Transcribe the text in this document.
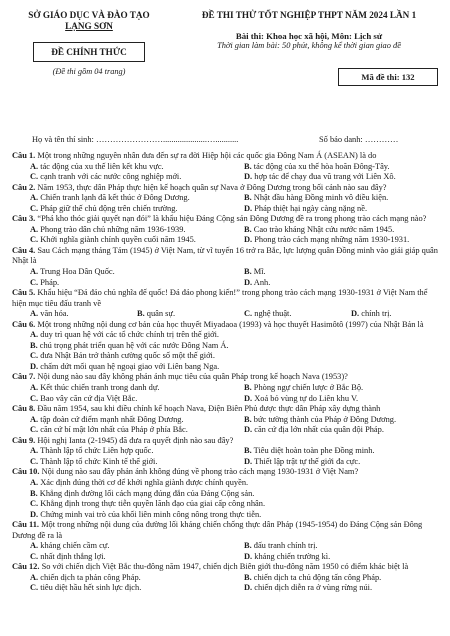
SỞ GIÁO DỤC VÀ ĐÀO TẠO
LẠNG SƠN
ĐỀ CHÍNH THỨC
(Đề thi gồm 04 trang)
ĐỀ THI THỬ TỐT NGHIỆP THPT NĂM 2024 LẦN 1
Bài thi: Khoa học xã hội, Môn: Lịch sử
Thời gian làm bài: 50 phút, không kể thời gian giao đề
Mã đề thi: 132
Họ và tên thí sinh: …………………….....................…...........	Số báo danh: …………
Câu 1. Một trong những nguyên nhân đưa đến sự ra đời Hiệp hội các quốc gia Đông Nam Á (ASEAN) là do
A. tác động của xu thế liên kết khu vực.	B. tác động của xu thế hòa hoãn Đông-Tây.
C. cạnh tranh với các nước công nghiệp mới.	D. hợp tác để chạy đua vũ trang với Liên Xô.
Câu 2. Năm 1953, thực dân Pháp thực hiện kế hoạch quân sự Nava ở Đông Dương trong bối cảnh nào sau đây?
A. Chiến tranh lạnh đã kết thúc ở Đông Dương.	B. Nhật đầu hàng Đồng minh vô điều kiện.
C. Pháp giữ thế chủ động trên chiến trường.	D. Pháp thiệt hại ngày càng nặng nề.
Câu 3. “Phá kho thóc giải quyết nạn đói” là khẩu hiệu Đảng Cộng sản Đông Dương đề ra trong phong trào cách mạng nào?
A. Phong trào dân chủ những năm 1936-1939.	B. Cao trào kháng Nhật cứu nước năm 1945.
C. Khởi nghĩa giành chính quyền cuối năm 1945.	D. Phong trào cách mạng những năm 1930-1931.
Câu 4. Sau Cách mạng tháng Tám (1945) ở Việt Nam, từ vĩ tuyến 16 trở ra Bắc, lực lượng quân Đồng minh vào giải giáp quân Nhật là
A. Trung Hoa Dân Quốc.	B. Mĩ.
C. Pháp.	D. Anh.
Câu 5. Khẩu hiệu “Đả đảo chủ nghĩa đế quốc! Đả đảo phong kiến!” trong phong trào cách mạng 1930-1931 ở Việt Nam thể hiện mục tiêu đấu tranh về
A. văn hóa.	B. quân sự.	C. nghệ thuật.	D. chính trị.
Câu 6. Một trong những nội dung cơ bản của học thuyết Miyadaoa (1993) và học thuyết Hasimôtô (1997) của Nhật Bản là
A. duy trì quan hệ với các tổ chức chính trị trên thế giới.
B. chú trọng phát triển quan hệ với các nước Đông Nam Á.
C. đưa Nhật Bản trở thành cường quốc số một thế giới.
D. chấm dứt mối quan hệ ngoại giao với Liên bang Nga.
Câu 7. Nội dung nào sau đây không phản ánh mục tiêu của quân Pháp trong kế hoạch Nava (1953)?
A. Kết thúc chiến tranh trong danh dự.	B. Phòng ngự chiến lược ở Bắc Bộ.
C. Bao vây căn cứ địa Việt Bắc.	D. Xoá bỏ vùng tự do Liên khu V.
Câu 8. Đầu năm 1954, sau khi điều chỉnh kế hoạch Nava, Điện Biên Phủ được thực dân Pháp xây dựng thành
A. tập đoàn cứ điểm mạnh nhất Đông Dương.	B. bức tường thành của Pháp ở Đông Dương.
C. căn cứ bí mật lớn nhất của Pháp ở phía Bắc.	D. căn cứ địa lớn nhất của quân đội Pháp.
Câu 9. Hội nghị Ianta (2-1945) đã đưa ra quyết định nào sau đây?
A. Thành lập tổ chức Liên hợp quốc.	B. Tiêu diệt hoàn toàn phe Đồng minh.
C. Thành lập tổ chức Kinh tế thế giới.	D. Thiết lập trật tự thế giới đa cực.
Câu 10. Nội dung nào sau đây phản ánh không đúng về phong trào cách mạng 1930-1931 ở Việt Nam?
A. Xác định đúng thời cơ để khởi nghĩa giành được chính quyền.
B. Khẳng định đường lối cách mạng đúng đắn của Đảng Cộng sản.
C. Khẳng định trong thực tiễn quyền lãnh đạo của giai cấp công nhân.
D. Chứng minh vai trò của khối liên minh công nông trong thực tiễn.
Câu 11. Một trong những nội dung của đường lối kháng chiến chống thực dân Pháp (1945-1954) do Đảng Cộng sản Đông Dương đề ra là
A. kháng chiến cầm cự.	B. đấu tranh chính trị.
C. nhất định thắng lợi.	D. kháng chiến trường kì.
Câu 12. So với chiến dịch Việt Bắc thu-đông năm 1947, chiến dịch Biên giới thu-đông năm 1950 có điểm khác biệt là
A. chiến dịch ta phản công Pháp.	B. chiến dịch ta chủ động tấn công Pháp.
C. tiêu diệt hầu hết sinh lực địch.	D. chiến dịch diễn ra ở vùng rừng núi.
